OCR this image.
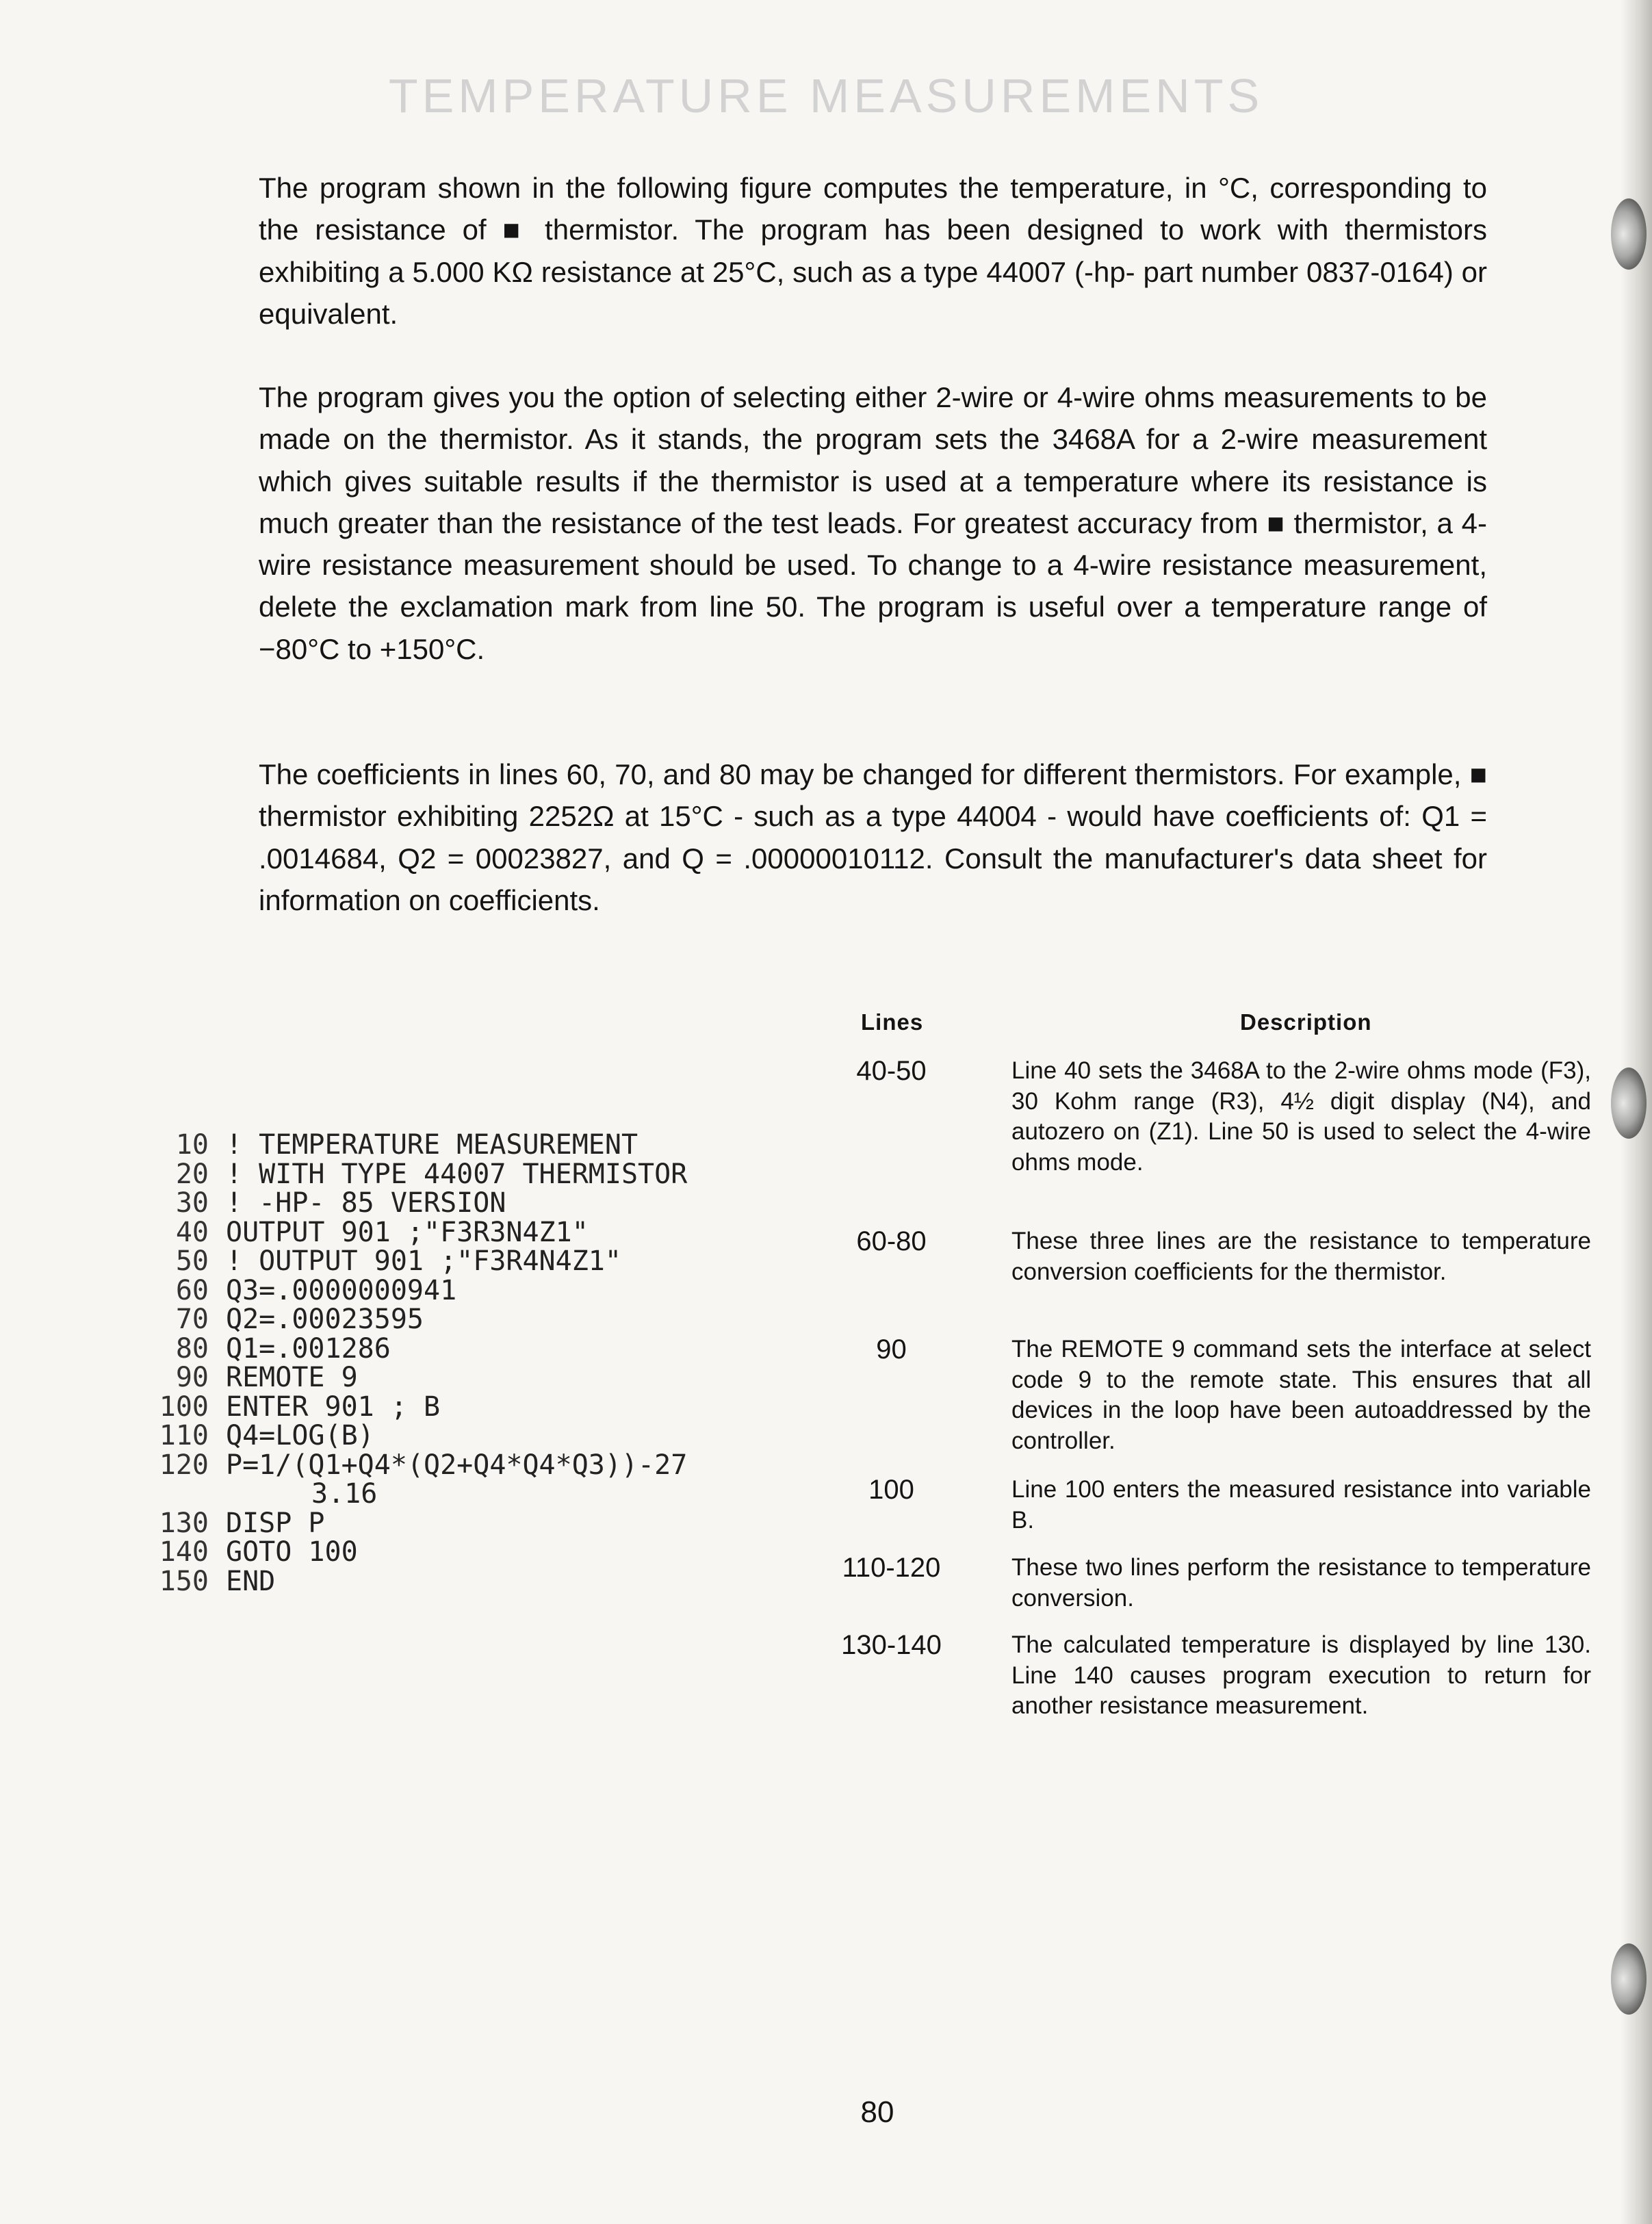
TEMPERATURE MEASUREMENTS

The program shown in the following figure computes the temperature, in °C, corresponding to the resistance of ■ thermistor. The program has been designed to work with thermistors exhibiting a 5.000 KΩ resistance at 25°C, such as a type 44007 (-hp- part number 0837-0164) or equivalent.

The program gives you the option of selecting either 2-wire or 4-wire ohms measurements to be made on the thermistor. As it stands, the program sets the 3468A for a 2-wire measurement which gives suitable results if the thermistor is used at a temperature where its resistance is much greater than the resistance of the test leads. For greatest accuracy from ■ thermistor, a 4-wire resistance measurement should be used. To change to a 4-wire resistance measurement, delete the exclamation mark from line 50. The program is useful over a temperature range of −80°C to +150°C.

The coefficients in lines 60, 70, and 80 may be changed for different thermistors. For example, ■ thermistor exhibiting 2252Ω at 15°C - such as a type 44004 - would have coefficients of: Q1 = .0014684, Q2 = 00023827, and Q = .00000010112. Consult the manufacturer's data sheet for information on coefficients.

10 ! TEMPERATURE MEASUREMENT
20 ! WITH TYPE 44007 THERMISTOR
30 ! -HP- 85 VERSION
40 OUTPUT 901 ;"F3R3N4Z1"
50 ! OUTPUT 901 ;"F3R4N4Z1"
60 Q3=.0000000941
70 Q2=.00023595
80 Q1=.001286
90 REMOTE 9
100 ENTER 901 ; B
110 Q4=LOG(B)
120 P=1/(Q1+Q4*(Q2+Q4*Q4*Q3))-27
3.16
130 DISP P
140 GOTO 100
150 END
Lines	Description
40-50	Line 40 sets the 3468A to the 2-wire ohms mode (F3), 30 Kohm range (R3), 4½ digit display (N4), and autozero on (Z1). Line 50 is used to select the 4-wire ohms mode.
60-80	These three lines are the resistance to temperature conversion coefficients for the thermistor.
90	The REMOTE 9 command sets the interface at select code 9 to the remote state. This ensures that all devices in the loop have been autoaddressed by the controller.
100	Line 100 enters the measured resistance into variable B.
110-120	These two lines perform the resistance to temperature conversion.
130-140	The calculated temperature is displayed by line 130. Line 140 causes program execution to return for another resistance measurement.
80
